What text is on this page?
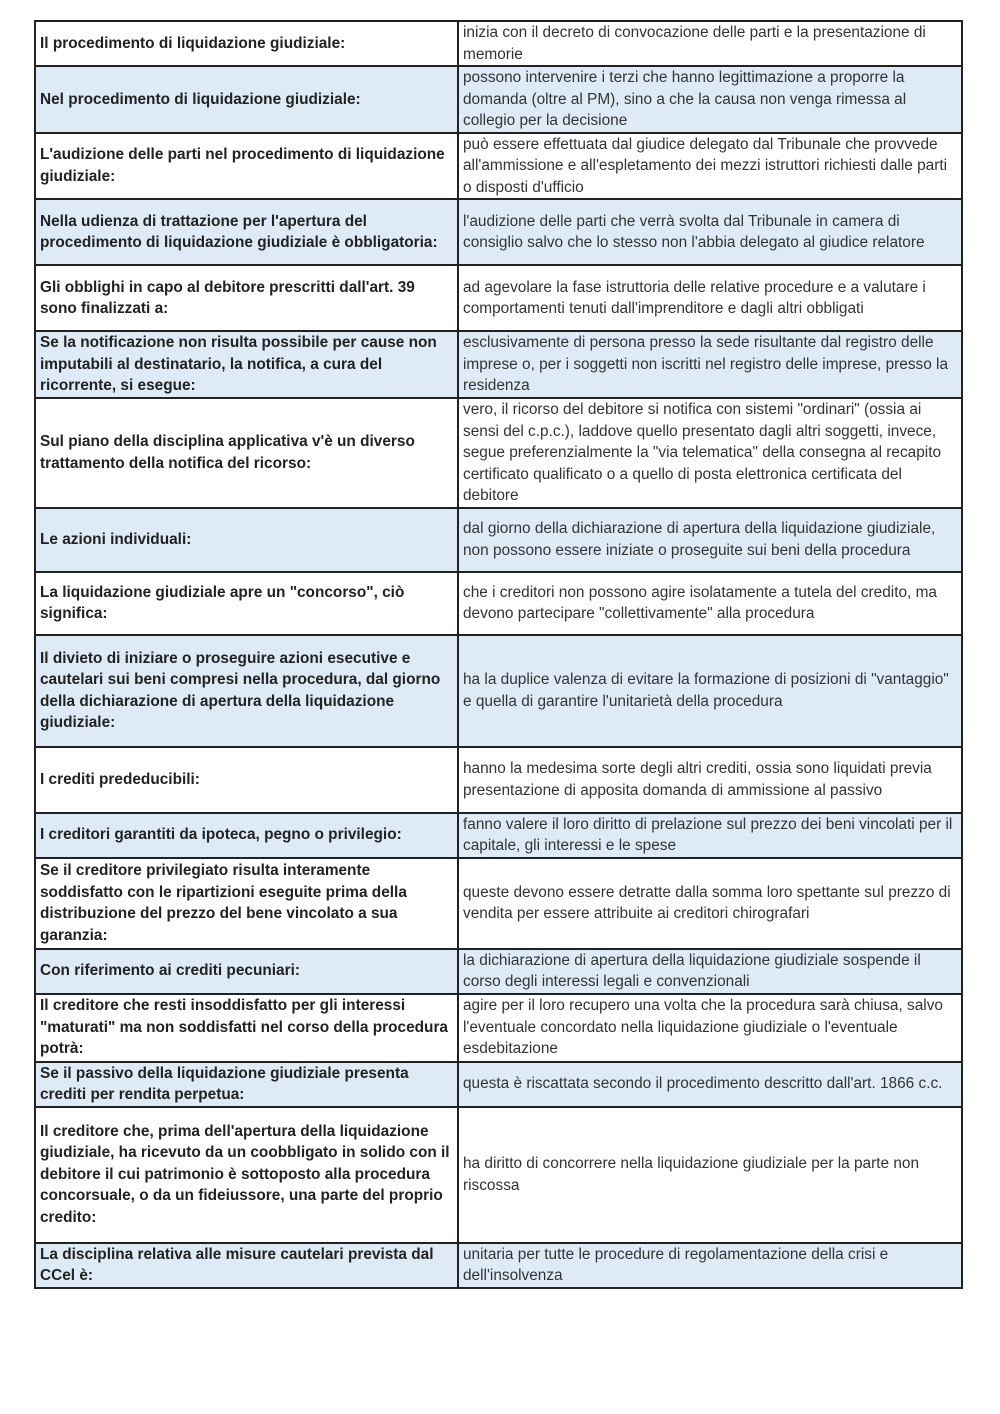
Il procedimento di liquidazione giudiziale:	inizia con il decreto di convocazione delle parti e la presentazione di memorie
Nel procedimento di liquidazione giudiziale:	possono intervenire i terzi che hanno legittimazione a proporre la domanda (oltre al PM), sino a che la causa non venga rimessa al collegio per la decisione
L'audizione delle parti nel procedimento di liquidazione giudiziale:	può essere effettuata dal giudice delegato dal Tribunale che provvede all'ammissione e all'espletamento dei mezzi istruttori richiesti dalle parti o disposti d'ufficio
Nella udienza di trattazione per l'apertura del procedimento di liquidazione giudiziale è obbligatoria:	l'audizione delle parti che verrà svolta dal Tribunale in camera di consiglio salvo che lo stesso non l'abbia delegato al giudice relatore
Gli obblighi in capo al debitore prescritti dall'art. 39 sono finalizzati a:	ad agevolare la fase istruttoria delle relative procedure e a valutare i comportamenti tenuti dall'imprenditore e dagli altri obbligati
Se la notificazione non risulta possibile per cause non imputabili al destinatario, la notifica, a cura del ricorrente, si esegue:	esclusivamente di persona presso la sede risultante dal registro delle imprese o, per i soggetti non iscritti nel registro delle imprese, presso la residenza
Sul piano della disciplina applicativa v'è un diverso trattamento della notifica del ricorso:	vero, il ricorso del debitore si notifica con sistemi "ordinari" (ossia ai sensi del c.p.c.), laddove quello presentato dagli altri soggetti, invece, segue preferenzialmente la "via telematica" della consegna al recapito certificato qualificato o a quello di posta elettronica certificata del debitore
Le azioni individuali:	dal giorno della dichiarazione di apertura della liquidazione giudiziale, non possono essere iniziate o proseguite sui beni della procedura
La liquidazione giudiziale apre un "concorso", ciò significa:	che i creditori non possono agire isolatamente a tutela del credito, ma devono partecipare "collettivamente" alla procedura
Il divieto di iniziare o proseguire azioni esecutive e cautelari sui beni compresi nella procedura, dal giorno della dichiarazione di apertura della liquidazione giudiziale:	ha la duplice valenza di evitare la formazione di posizioni di "vantaggio" e quella di garantire l'unitarietà della procedura
I crediti prededucibili:	hanno la medesima sorte degli altri crediti, ossia sono liquidati previa presentazione di apposita domanda di ammissione al passivo
I creditori garantiti da ipoteca, pegno o privilegio:	fanno valere il loro diritto di prelazione sul prezzo dei beni vincolati per il capitale, gli interessi e le spese
Se il creditore privilegiato risulta interamente soddisfatto con le ripartizioni eseguite prima della distribuzione del prezzo del bene vincolato a sua garanzia:	queste devono essere detratte dalla somma loro spettante sul prezzo di vendita per essere attribuite ai creditori chirografari
Con riferimento ai crediti pecuniari:	la dichiarazione di apertura della liquidazione giudiziale sospende il corso degli interessi legali e convenzionali
Il creditore che resti insoddisfatto per gli interessi "maturati" ma non soddisfatti nel corso della procedura potrà:	agire per il loro recupero una volta che la procedura sarà chiusa, salvo l'eventuale concordato nella liquidazione giudiziale o l'eventuale esdebitazione
Se il passivo della liquidazione giudiziale presenta crediti per rendita perpetua:	questa è riscattata secondo il procedimento descritto dall'art. 1866 c.c.
Il creditore che, prima dell'apertura della liquidazione giudiziale, ha ricevuto da un coobbligato in solido con il debitore il cui patrimonio è sottoposto alla procedura concorsuale, o da un fideiussore, una parte del proprio credito:	ha diritto di concorrere nella liquidazione giudiziale per la parte non riscossa
La disciplina relativa alle misure cautelari prevista dal CCel è:	unitaria per tutte le procedure di regolamentazione della crisi e dell'insolvenza
